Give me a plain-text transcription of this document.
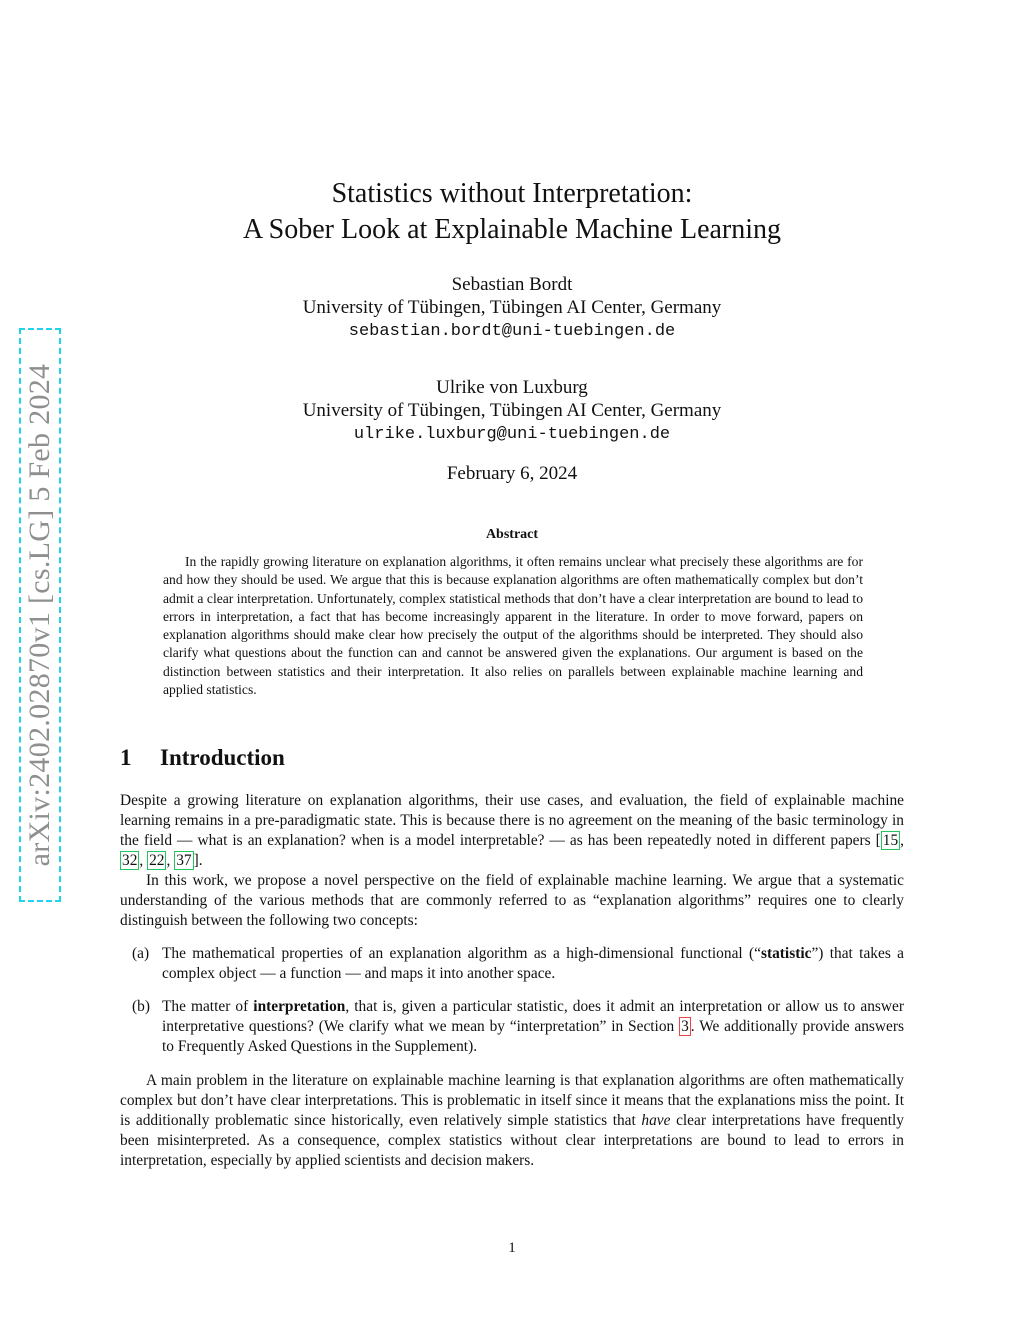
arXiv:2402.02870v1 [cs.LG] 5 Feb 2024
Statistics without Interpretation:
A Sober Look at Explainable Machine Learning
Sebastian Bordt
University of Tübingen, Tübingen AI Center, Germany
sebastian.bordt@uni-tuebingen.de
Ulrike von Luxburg
University of Tübingen, Tübingen AI Center, Germany
ulrike.luxburg@uni-tuebingen.de
February 6, 2024
Abstract

In the rapidly growing literature on explanation algorithms, it often remains unclear what precisely these algorithms are for and how they should be used. We argue that this is because explanation algorithms are often mathematically complex but don’t admit a clear interpretation. Unfortunately, complex statistical methods that don’t have a clear interpretation are bound to lead to errors in interpretation, a fact that has become increasingly apparent in the literature. In order to move forward, papers on explanation algorithms should make clear how precisely the output of the algorithms should be interpreted. They should also clarify what questions about the function can and cannot be answered given the explanations. Our argument is based on the distinction between statistics and their interpretation. It also relies on parallels between explainable machine learning and applied statistics.

1 Introduction

Despite a growing literature on explanation algorithms, their use cases, and evaluation, the field of explainable machine learning remains in a pre-paradigmatic state. This is because there is no agreement on the meaning of the basic terminology in the field — what is an explanation? when is a model interpretable? — as has been repeatedly noted in different papers [ 15 , 32 , 22 , 37 ].

In this work, we propose a novel perspective on the field of explainable machine learning. We argue that a systematic understanding of the various methods that are commonly referred to as “explanation algorithms” requires one to clearly distinguish between the following two concepts:

(a) The mathematical properties of an explanation algorithm as a high-dimensional functional (“statistic”) that takes a complex object — a function — and maps it into another space.
(b) The matter of interpretation, that is, given a particular statistic, does it admit an interpretation or allow us to answer interpretative questions? (We clarify what we mean by “interpretation” in Section 3 . We additionally provide answers to Frequently Asked Questions in the Supplement).

A main problem in the literature on explainable machine learning is that explanation algorithms are often mathematically complex but don’t have clear interpretations. This is problematic in itself since it means that the explanations miss the point. It is additionally problematic since historically, even relatively simple statistics that have clear interpretations have frequently been misinterpreted. As a consequence, complex statistics without clear interpretations are bound to lead to errors in interpretation, especially by applied scientists and decision makers.

1
